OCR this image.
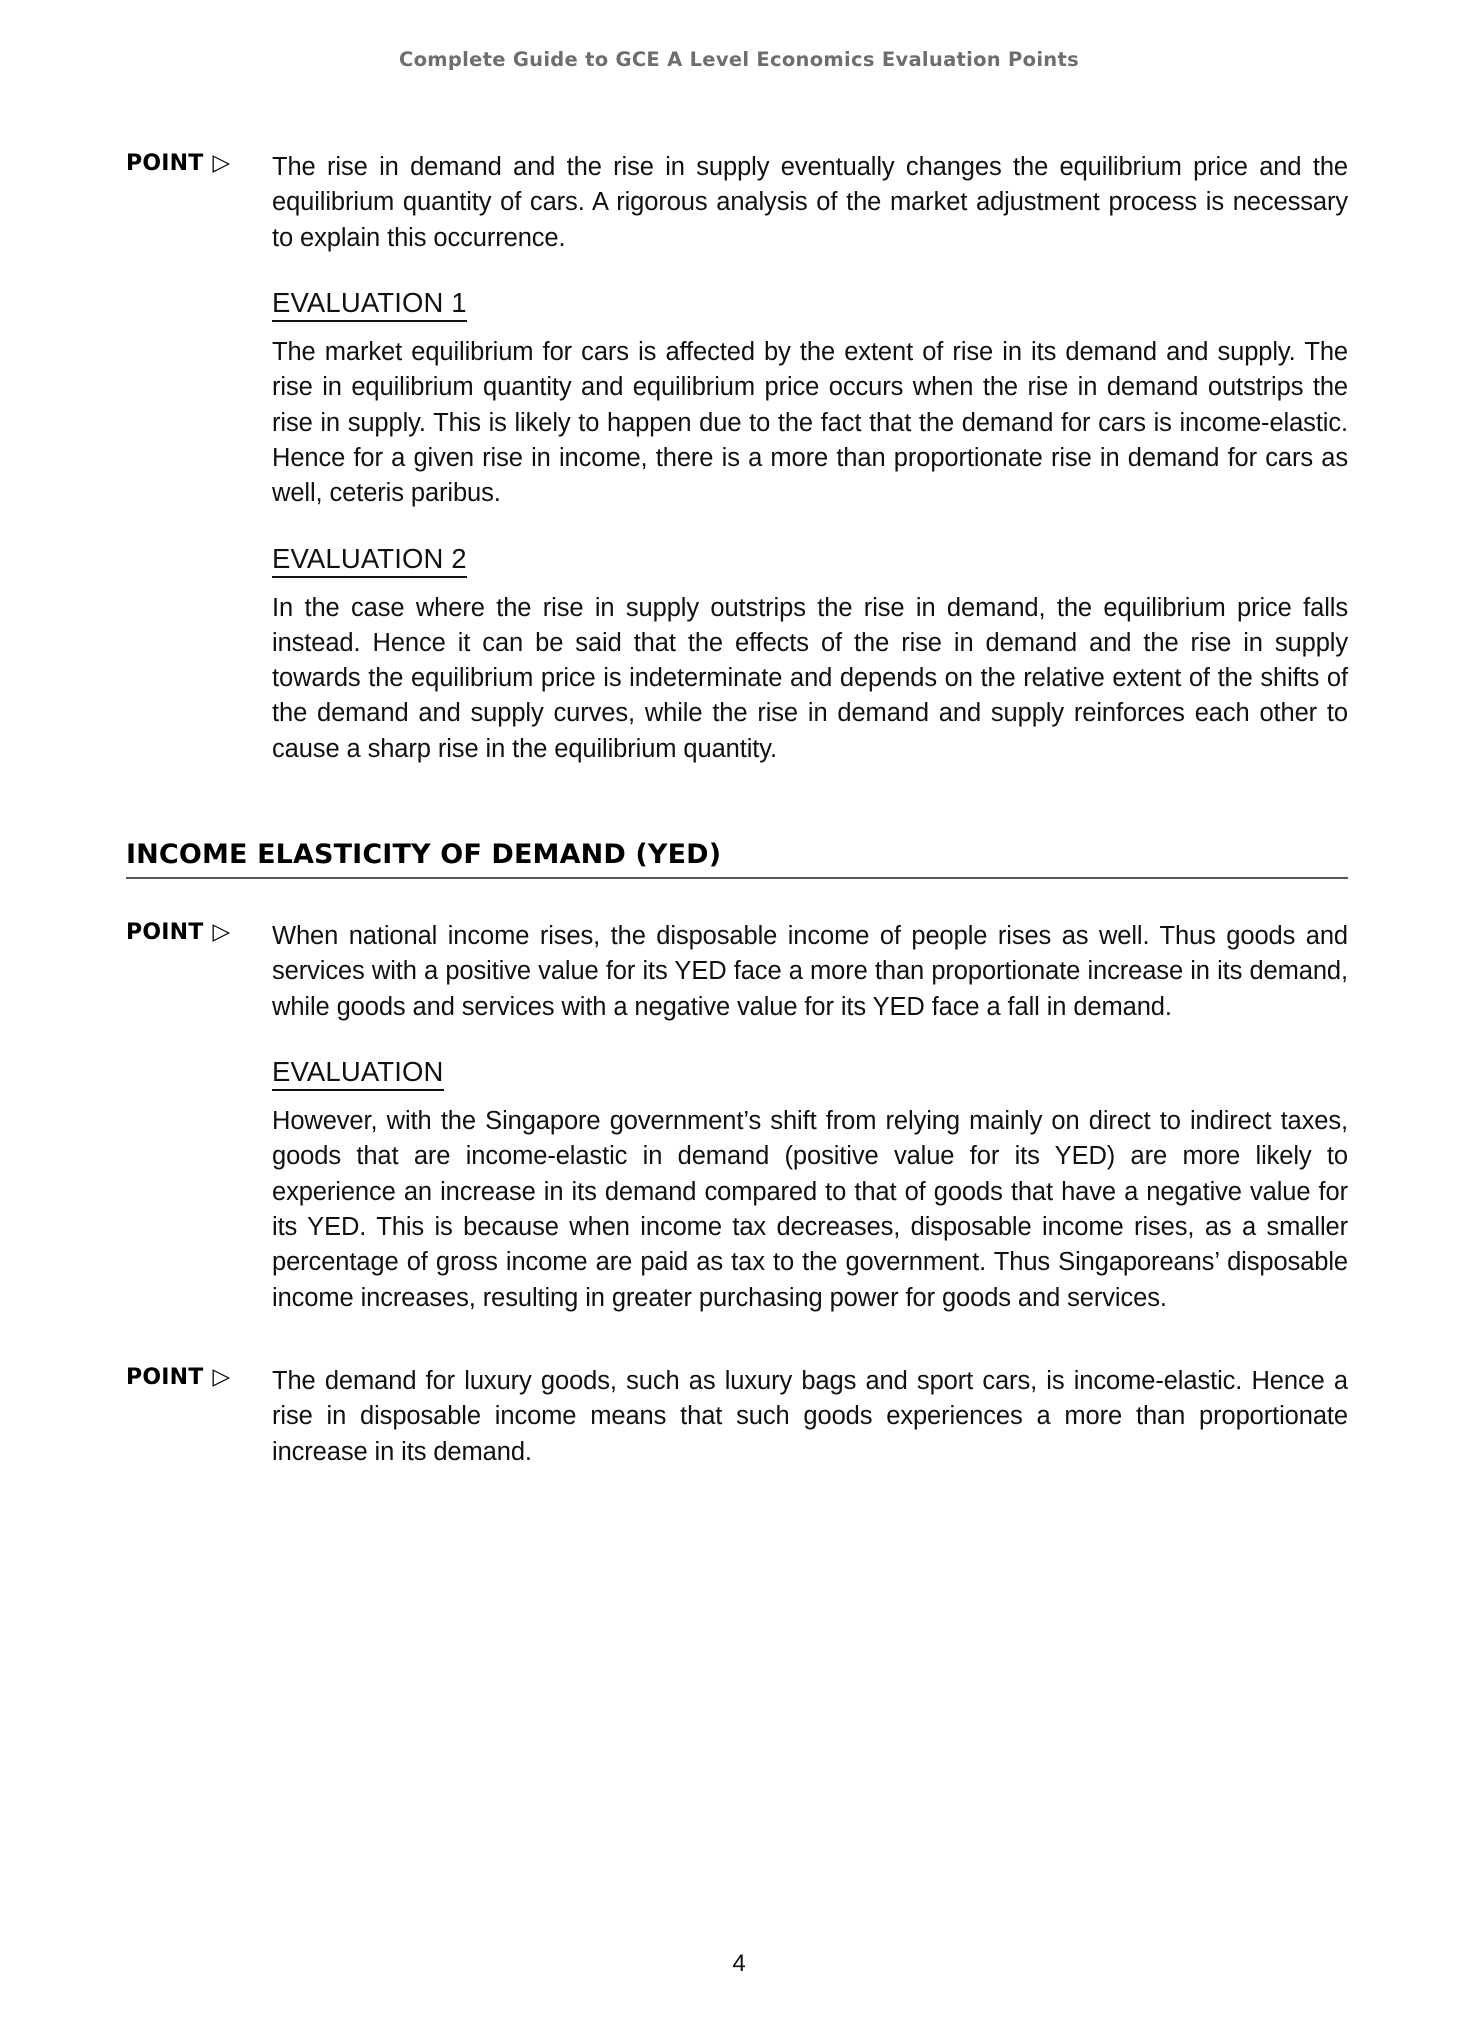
Complete Guide to GCE A Level Economics Evaluation Points
POINT ▷ The rise in demand and the rise in supply eventually changes the equilibrium price and the equilibrium quantity of cars. A rigorous analysis of the market adjustment process is necessary to explain this occurrence.

EVALUATION 1

The market equilibrium for cars is affected by the extent of rise in its demand and supply. The rise in equilibrium quantity and equilibrium price occurs when the rise in demand outstrips the rise in supply. This is likely to happen due to the fact that the demand for cars is income-elastic. Hence for a given rise in income, there is a more than proportionate rise in demand for cars as well, ceteris paribus.

EVALUATION 2

In the case where the rise in supply outstrips the rise in demand, the equilibrium price falls instead. Hence it can be said that the effects of the rise in demand and the rise in supply towards the equilibrium price is indeterminate and depends on the relative extent of the shifts of the demand and supply curves, while the rise in demand and supply reinforces each other to cause a sharp rise in the equilibrium quantity.

INCOME ELASTICITY OF DEMAND (YED)
POINT ▷ When national income rises, the disposable income of people rises as well. Thus goods and services with a positive value for its YED face a more than proportionate increase in its demand, while goods and services with a negative value for its YED face a fall in demand.

EVALUATION

However, with the Singapore government’s shift from relying mainly on direct to indirect taxes, goods that are income-elastic in demand (positive value for its YED) are more likely to experience an increase in its demand compared to that of goods that have a negative value for its YED. This is because when income tax decreases, disposable income rises, as a smaller percentage of gross income are paid as tax to the government. Thus Singaporeans’ disposable income increases, resulting in greater purchasing power for goods and services.

POINT ▷ The demand for luxury goods, such as luxury bags and sport cars, is income-elastic. Hence a rise in disposable income means that such goods experiences a more than proportionate increase in its demand.

4
